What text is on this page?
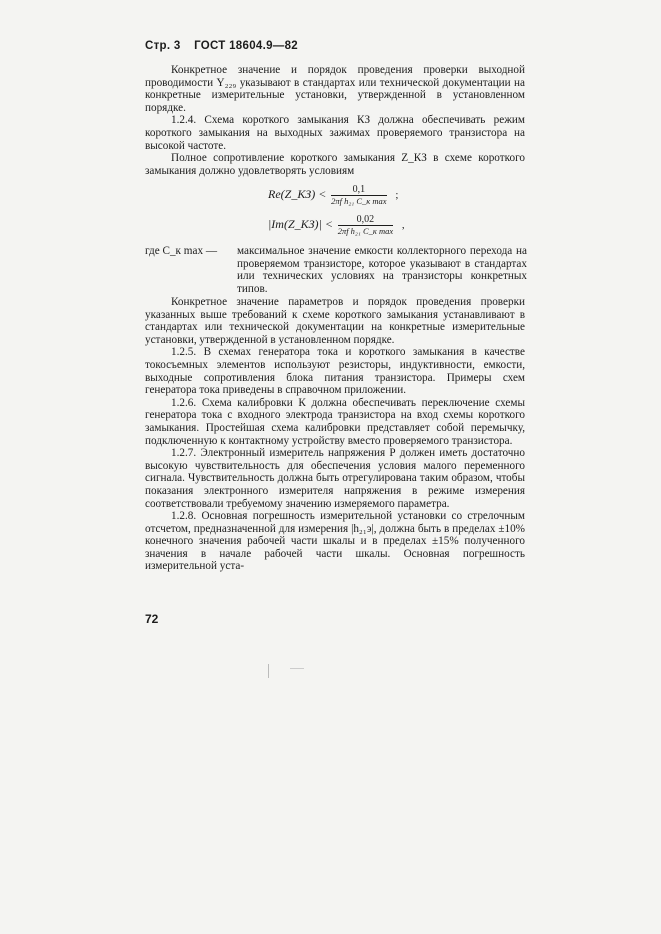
Стр. 3 ГОСТ 18604.9—82

Конкретное значение и порядок проведения проверки выходной проводимости Y₂₂₉ указывают в стандартах или технической документации на конкретные измерительные установки, утвержденной в установленном порядке.

1.2.4. Схема короткого замыкания КЗ должна обеспечивать режим короткого замыкания на выходных зажимах проверяемого транзистора на высокой частоте.

Полное сопротивление короткого замыкания Z_КЗ в схеме короткого замыкания должно удовлетворять условиям

Re(Z_КЗ) < $\frac{0,1}{\text{2πf h₂₁ C\_к max}}$ ;
|Im(Z_КЗ)| < $\frac{0,02}{\text{2πf h₂₁ C\_к max}}$ ,
где C_к max — максимальное значение емкости коллекторного перехода на проверяемом транзисторе, которое указывают в стандартах или технических условиях на транзисторы конкретных типов.

Конкретное значение параметров и порядок проведения проверки указанных выше требований к схеме короткого замыкания устанавливают в стандартах или технической документации на конкретные измерительные установки, утвержденной в установленном порядке.

1.2.5. В схемах генератора тока и короткого замыкания в качестве токосъемных элементов используют резисторы, индуктивности, емкости, выходные сопротивления блока питания транзистора. Примеры схем генератора тока приведены в справочном приложении.

1.2.6. Схема калибровки К должна обеспечивать переключение схемы генератора тока с входного электрода транзистора на вход схемы короткого замыкания. Простейшая схема калибровки представляет собой перемычку, подключенную к контактному устройству вместо проверяемого транзистора.

1.2.7. Электронный измеритель напряжения Р должен иметь достаточно высокую чувствительность для обеспечения условия малого переменного сигнала. Чувствительность должна быть отрегулирована таким образом, чтобы показания электронного измерителя напряжения в режиме измерения соответствовали требуемому значению измеряемого параметра.

1.2.8. Основная погрешность измерительной установки со стрелочным отсчетом, предназначенной для измерения |h₂₁э|, должна быть в пределах ±10% конечного значения рабочей части шкалы и в пределах ±15% полученного значения в начале рабочей части шкалы. Основная погрешность измерительной уста-

72
